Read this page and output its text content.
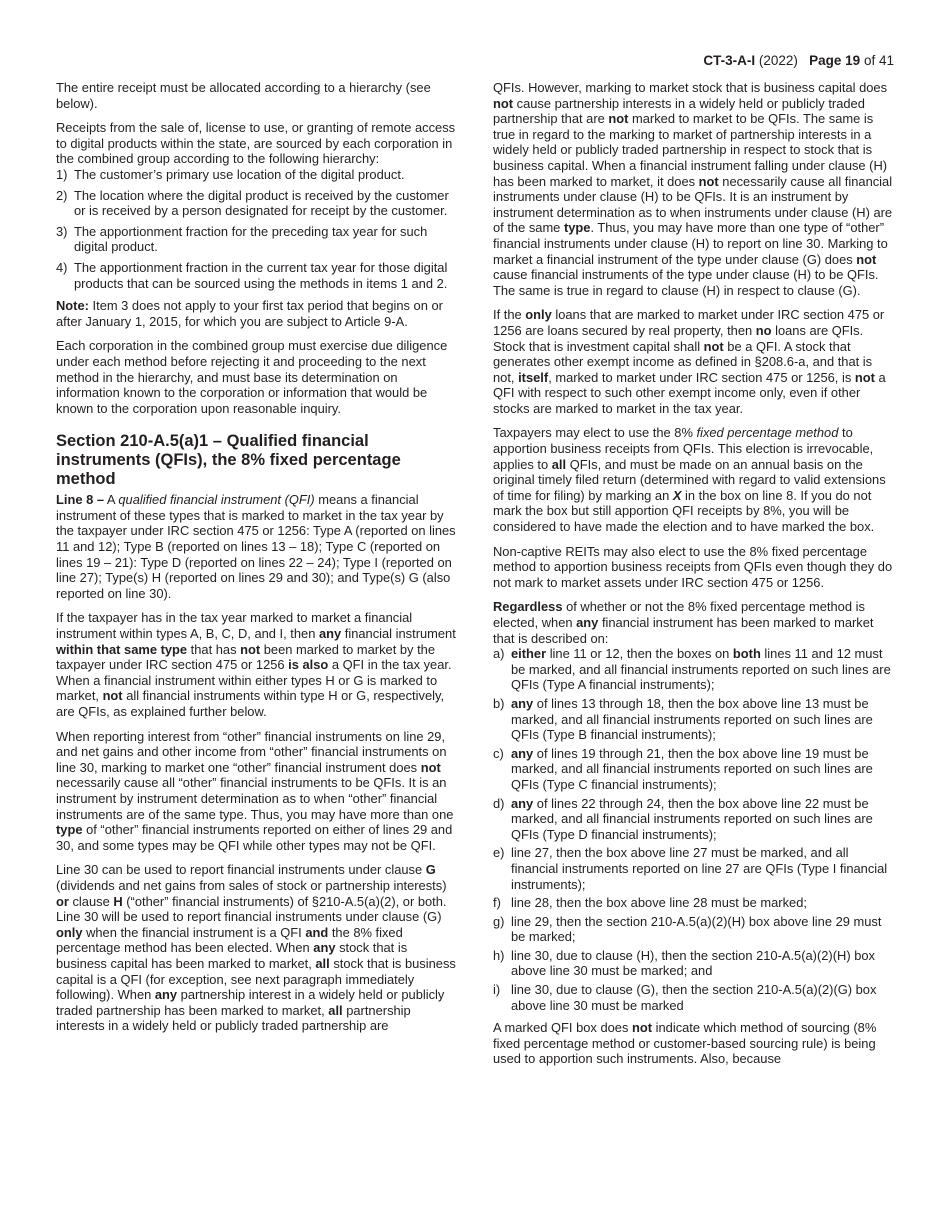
CT-3-A-I (2022) Page 19 of 41

The entire receipt must be allocated according to a hierarchy (see below).

Receipts from the sale of, license to use, or granting of remote access to digital products within the state, are sourced by each corporation in the combined group according to the following hierarchy:

1) The customer’s primary use location of the digital product.
2) The location where the digital product is received by the customer or is received by a person designated for receipt by the customer.
3) The apportionment fraction for the preceding tax year for such digital product.
4) The apportionment fraction in the current tax year for those digital products that can be sourced using the methods in items 1 and 2.

Note: Item 3 does not apply to your first tax period that begins on or after January 1, 2015, for which you are subject to Article 9-A.

Each corporation in the combined group must exercise due diligence under each method before rejecting it and proceeding to the next method in the hierarchy, and must base its determination on information known to the corporation or information that would be known to the corporation upon reasonable inquiry.

Section 210-A.5(a)1 – Qualified financial instruments (QFIs), the 8% fixed percentage method

Line 8 – A qualified financial instrument (QFI) means a financial instrument of these types that is marked to market in the tax year by the taxpayer under IRC section 475 or 1256: Type A (reported on lines 11 and 12); Type B (reported on lines 13 – 18); Type C (reported on lines 19 – 21): Type D (reported on lines 22 – 24); Type I (reported on line 27); Type(s) H (reported on lines 29 and 30); and Type(s) G (also reported on line 30).

If the taxpayer has in the tax year marked to market a financial instrument within types A, B, C, D, and I, then any financial instrument within that same type that has not been marked to market by the taxpayer under IRC section 475 or 1256 is also a QFI in the tax year. When a financial instrument within either types H or G is marked to market, not all financial instruments within type H or G, respectively, are QFIs, as explained further below.

When reporting interest from “other” financial instruments on line 29, and net gains and other income from “other” financial instruments on line 30, marking to market one “other” financial instrument does not necessarily cause all “other” financial instruments to be QFIs. It is an instrument by instrument determination as to when “other” financial instruments are of the same type. Thus, you may have more than one type of “other” financial instruments reported on either of lines 29 and 30, and some types may be QFI while other types may not be QFI.

Line 30 can be used to report financial instruments under clause G (dividends and net gains from sales of stock or partnership interests) or clause H (“other” financial instruments) of §210-A.5(a)(2), or both. Line 30 will be used to report financial instruments under clause (G) only when the financial instrument is a QFI and the 8% fixed percentage method has been elected. When any stock that is business capital has been marked to market, all stock that is business capital is a QFI (for exception, see next paragraph immediately following). When any partnership interest in a widely held or publicly traded partnership has been marked to market, all partnership interests in a widely held or publicly traded partnership are

QFIs. However, marking to market stock that is business capital does not cause partnership interests in a widely held or publicly traded partnership that are not marked to market to be QFIs. The same is true in regard to the marking to market of partnership interests in a widely held or publicly traded partnership in respect to stock that is business capital. When a financial instrument falling under clause (H) has been marked to market, it does not necessarily cause all financial instruments under clause (H) to be QFIs. It is an instrument by instrument determination as to when instruments under clause (H) are of the same type. Thus, you may have more than one type of “other” financial instruments under clause (H) to report on line 30. Marking to market a financial instrument of the type under clause (G) does not cause financial instruments of the type under clause (H) to be QFIs. The same is true in regard to clause (H) in respect to clause (G).

If the only loans that are marked to market under IRC section 475 or 1256 are loans secured by real property, then no loans are QFIs. Stock that is investment capital shall not be a QFI. A stock that generates other exempt income as defined in §208.6-a, and that is not, itself, marked to market under IRC section 475 or 1256, is not a QFI with respect to such other exempt income only, even if other stocks are marked to market in the tax year.

Taxpayers may elect to use the 8% fixed percentage method to apportion business receipts from QFIs. This election is irrevocable, applies to all QFIs, and must be made on an annual basis on the original timely filed return (determined with regard to valid extensions of time for filing) by marking an X in the box on line 8. If you do not mark the box but still apportion QFI receipts by 8%, you will be considered to have made the election and to have marked the box.

Non-captive REITs may also elect to use the 8% fixed percentage method to apportion business receipts from QFIs even though they do not mark to market assets under IRC section 475 or 1256.

Regardless of whether or not the 8% fixed percentage method is elected, when any financial instrument has been marked to market that is described on:

a) either line 11 or 12, then the boxes on both lines 11 and 12 must be marked, and all financial instruments reported on such lines are QFIs (Type A financial instruments);
b) any of lines 13 through 18, then the box above line 13 must be marked, and all financial instruments reported on such lines are QFIs (Type B financial instruments);
c) any of lines 19 through 21, then the box above line 19 must be marked, and all financial instruments reported on such lines are QFIs (Type C financial instruments);
d) any of lines 22 through 24, then the box above line 22 must be marked, and all financial instruments reported on such lines are QFIs (Type D financial instruments);
e) line 27, then the box above line 27 must be marked, and all financial instruments reported on line 27 are QFIs (Type I financial instruments);
f) line 28, then the box above line 28 must be marked;
g) line 29, then the section 210-A.5(a)(2)(H) box above line 29 must be marked;
h) line 30, due to clause (H), then the section 210-A.5(a)(2)(H) box above line 30 must be marked; and
i) line 30, due to clause (G), then the section 210-A.5(a)(2)(G) box above line 30 must be marked

A marked QFI box does not indicate which method of sourcing (8% fixed percentage method or customer-based sourcing rule) is being used to apportion such instruments. Also, because
